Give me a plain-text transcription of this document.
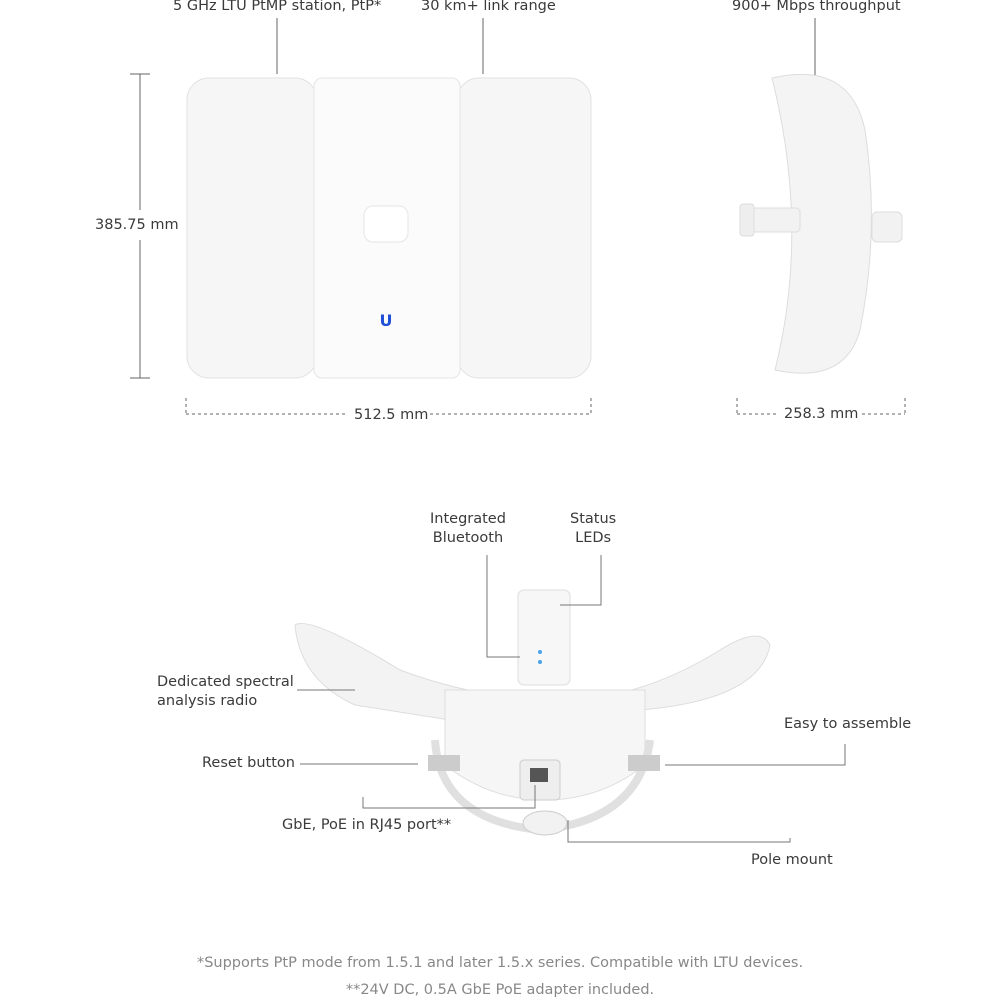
U
5 GHz LTU PtMP station, PtP*	30 km+ link range	900+ Mbps throughput
385.75 mm
512.5 mm	258.3 mm
Integrated
Bluetooth
Status
LEDs
Dedicated spectral
analysis radio
Easy to assemble
Reset button
GbE, PoE in RJ45 port**
Pole mount
*Supports PtP mode from 1.5.1 and later 1.5.x series. Compatible with LTU devices.
**24V DC, 0.5A GbE PoE adapter included.
